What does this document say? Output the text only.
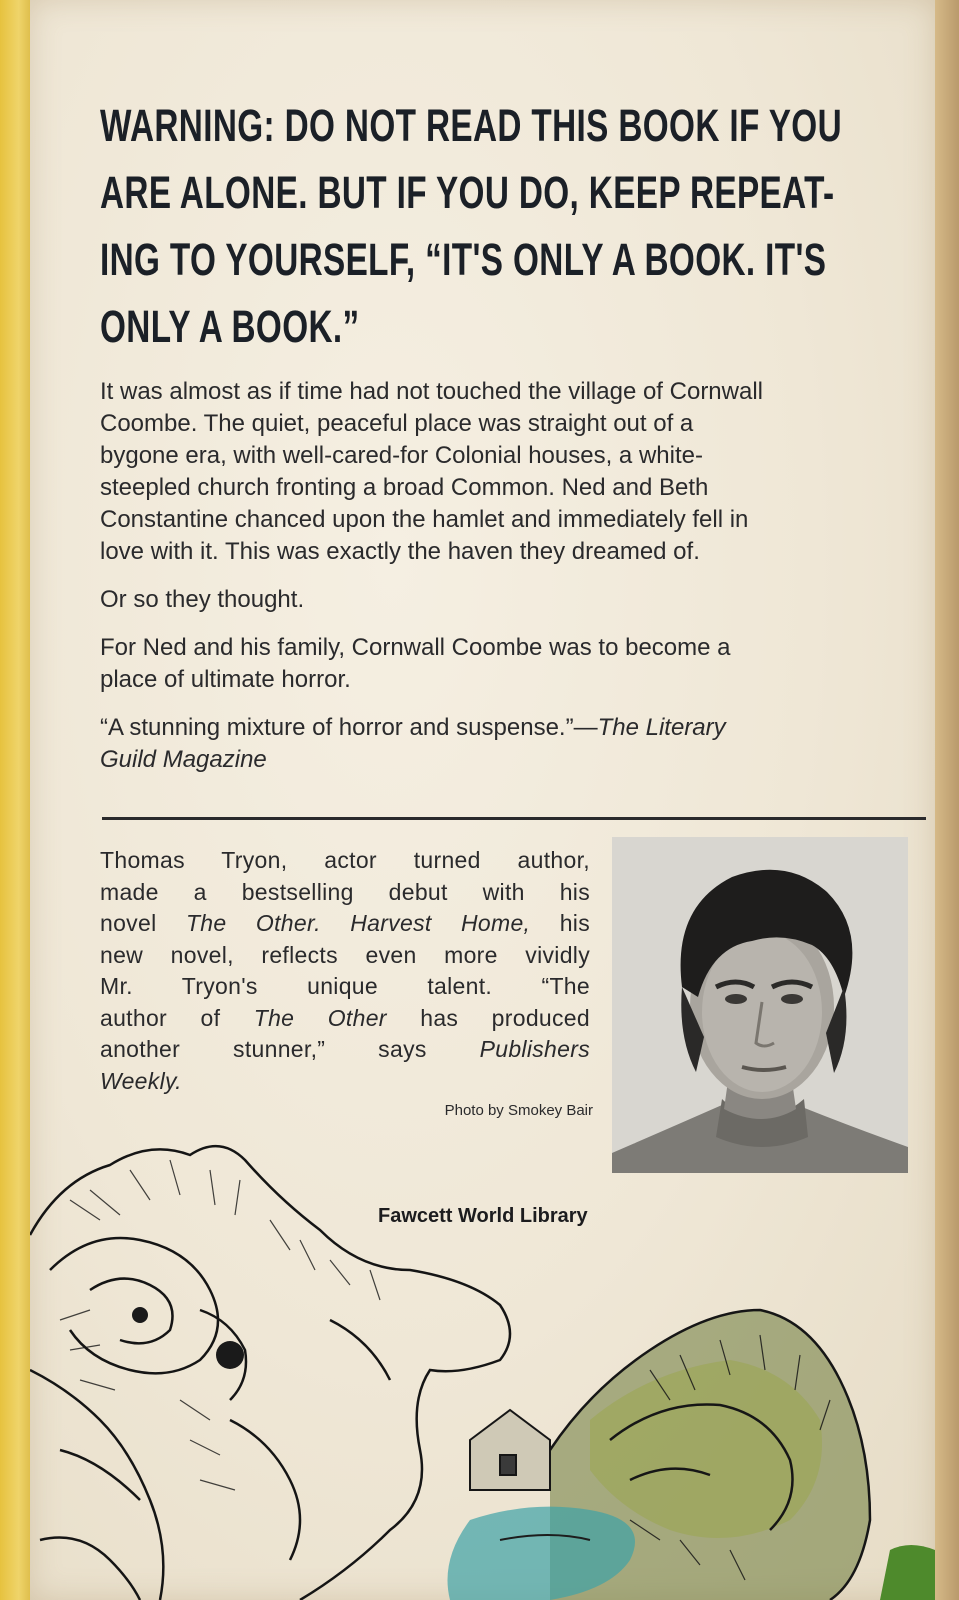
WARNING: DO NOT READ THIS BOOK IF YOU
ARE ALONE. BUT IF YOU DO, KEEP REPEAT-
ING TO YOURSELF, “IT'S ONLY A BOOK. IT'S
ONLY A BOOK.”

It was almost as if time had not touched the village of Cornwall
Coombe. The quiet, peaceful place was straight out of a
bygone era, with well-cared-for Colonial houses, a white-
steepled church fronting a broad Common. Ned and Beth
Constantine chanced upon the hamlet and immediately fell in
love with it. This was exactly the haven they dreamed of.

Or so they thought.

For Ned and his family, Cornwall Coombe was to become a
place of ultimate horror.

“A stunning mixture of horror and suspense.”—The Literary
Guild Magazine

Thomas Tryon, actor turned author,
made a bestselling debut with his
novel The Other. Harvest Home, his
new novel, reflects even more vividly
Mr. Tryon's unique talent. “The
author of The Other has produced
another stunner,” says Publishers
Weekly.
Photo by Smokey Bair
Fawcett World Library
